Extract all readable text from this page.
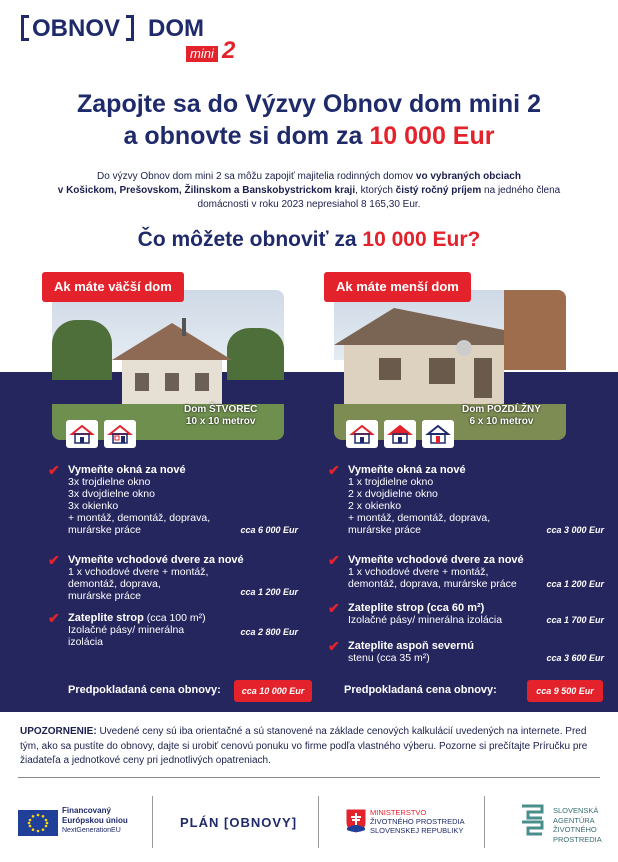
OBNOV DOM
mini 2
Zapojte sa do Výzvy Obnov dom mini 2
a obnovte si dom za 10 000 Eur
Do výzvy Obnov dom mini 2 sa môžu zapojiť majitelia rodinných domov vo vybraných obciach
v Košickom, Prešovskom, Žilinskom a Banskobystrickom kraji, ktorých čistý ročný príjem na jedného člena
domácnosti v roku 2023 nepresiahol 8 165,30 Eur.
Čo môžete obnoviť za 10 000 Eur?
Ak máte väčší dom
Dom ŠTVOREC
10 x 10 metrov
Ak máte menší dom
Dom POZDĹŽNY
6 x 10 metrov
✔ Vymeňte okná za nové
3x trojdielne okno
3x dvojdielne okno
3x okienko
+ montáž, demontáž, doprava,
murárske práce	cca 6 000 Eur
✔ Vymeňte vchodové dvere za nové
1 x vchodové dvere + montáž,
demontáž, doprava,
murárske práce	cca 1 200 Eur
✔ Zateplite strop (cca 100 m²)
Izolačné pásy/ minerálna
izolácia
cca 2 800 Eur
Predpokladaná cena obnovy:	cca 10 000 Eur
✔ Vymeňte okná za nové
1 x trojdielne okno
2 x dvojdielne okno
2 x okienko
+ montáž, demontáž, doprava,
murárske práce	cca 3 000 Eur
✔ Vymeňte vchodové dvere za nové
1 x vchodové dvere + montáž,
demontáž, doprava, murárske práce	cca 1 200 Eur
✔ Zateplite strop (cca 60 m²)
Izolačné pásy/ minerálna izolácia	cca 1 700 Eur
✔ Zateplite aspoň severnú
stenu (cca 35 m²)	cca 3 600 Eur
Predpokladaná cena obnovy:	cca 9 500 Eur
UPOZORNENIE: Uvedené ceny sú iba orientačné a sú stanovené na základe cenových kalkulácií uvedených na internete. Pred tým, ako sa pustíte do obnovy, dajte si urobiť cenovú ponuku vo firme podľa vlastného výberu. Pozorne si prečítajte Príručku pre žiadateľa a jednotkové ceny pri jednotlivých opatreniach.
Financovaný
Európskou úniou
NextGenerationEU
PLÁN [OBNOVY]
MINISTERSTVO
ŽIVOTNÉHO PROSTREDIA
SLOVENSKEJ REPUBLIKY
SLOVENSKÁ
AGENTÚRA
ŽIVOTNÉHO
PROSTREDIA
